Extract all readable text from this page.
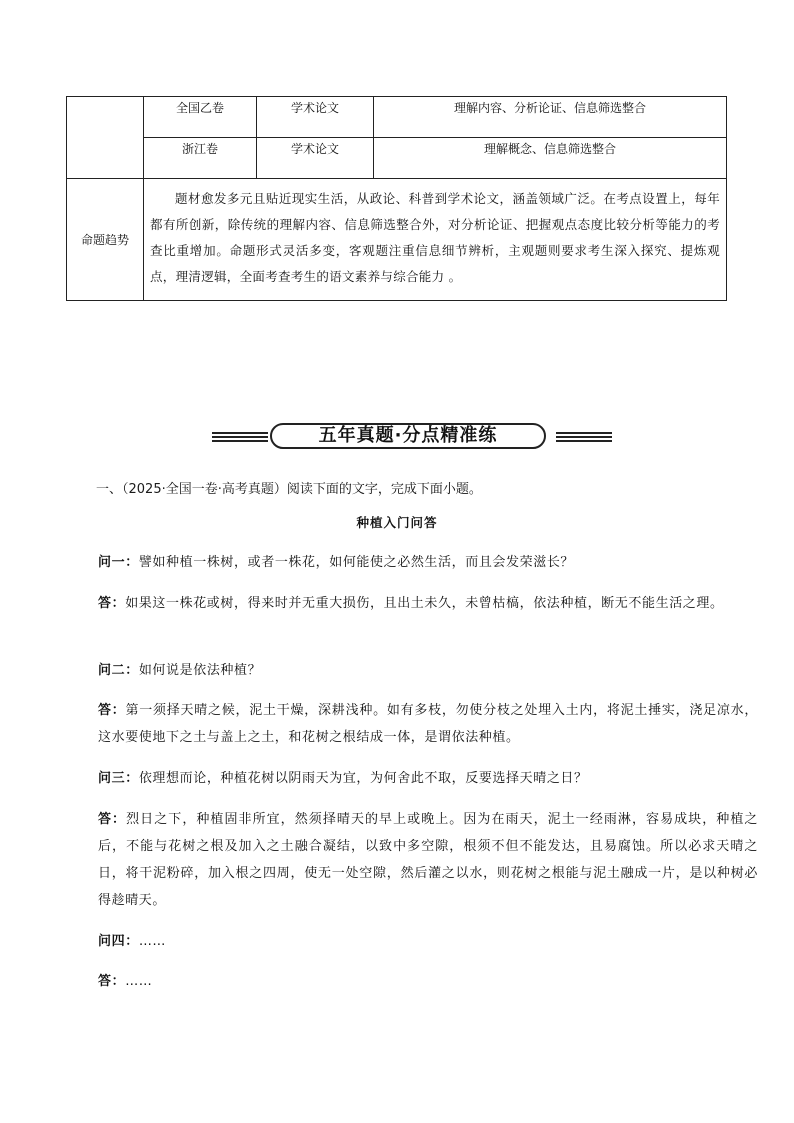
	全国乙卷	学术论文	理解内容、分析论证、信息筛选整合
	浙江卷	学术论文	理解概念、信息筛选整合
命题趋势	题材愈发多元且贴近现实生活，从政论、科普到学术论文，涵盖领域广泛。在考点设置上，每年都有所创新，除传统的理解内容、信息筛选整合外，对分析论证、把握观点态度比较分析等能力的考查比重增加。命题形式灵活多变，客观题注重信息细节辨析，主观题则要求考生深入探究、提炼观点，理清逻辑，全面考查考生的语文素养与综合能力 。		
五年真题·分点精准练
一、（2025·全国一卷·高考真题）阅读下面的文字，完成下面小题。
种植入门问答
问一：譬如种植一株树，或者一株花，如何能使之必然生活，而且会发荣滋长？
答：如果这一株花或树，得来时并无重大损伤，且出土未久，未曾枯槁，依法种植，断无不能生活之理。
问二：如何说是依法种植？
答：第一须择天晴之候，泥土干燥，深耕浅种。如有多枝，勿使分枝之处埋入土内，将泥土捶实，浇足凉水，这水要使地下之土与盖上之土，和花树之根结成一体，是谓依法种植。
问三：依理想而论，种植花树以阴雨天为宜，为何舍此不取，反要选择天晴之日？
答：烈日之下，种植固非所宜，然须择晴天的早上或晚上。因为在雨天，泥土一经雨淋，容易成块，种植之后，不能与花树之根及加入之土融合凝结，以致中多空隙，根须不但不能发达，且易腐蚀。所以必求天晴之日，将干泥粉碎，加入根之四周，使无一处空隙，然后灌之以水，则花树之根能与泥土融成一片，是以种树必得趁晴天。
问四：……
答：……
